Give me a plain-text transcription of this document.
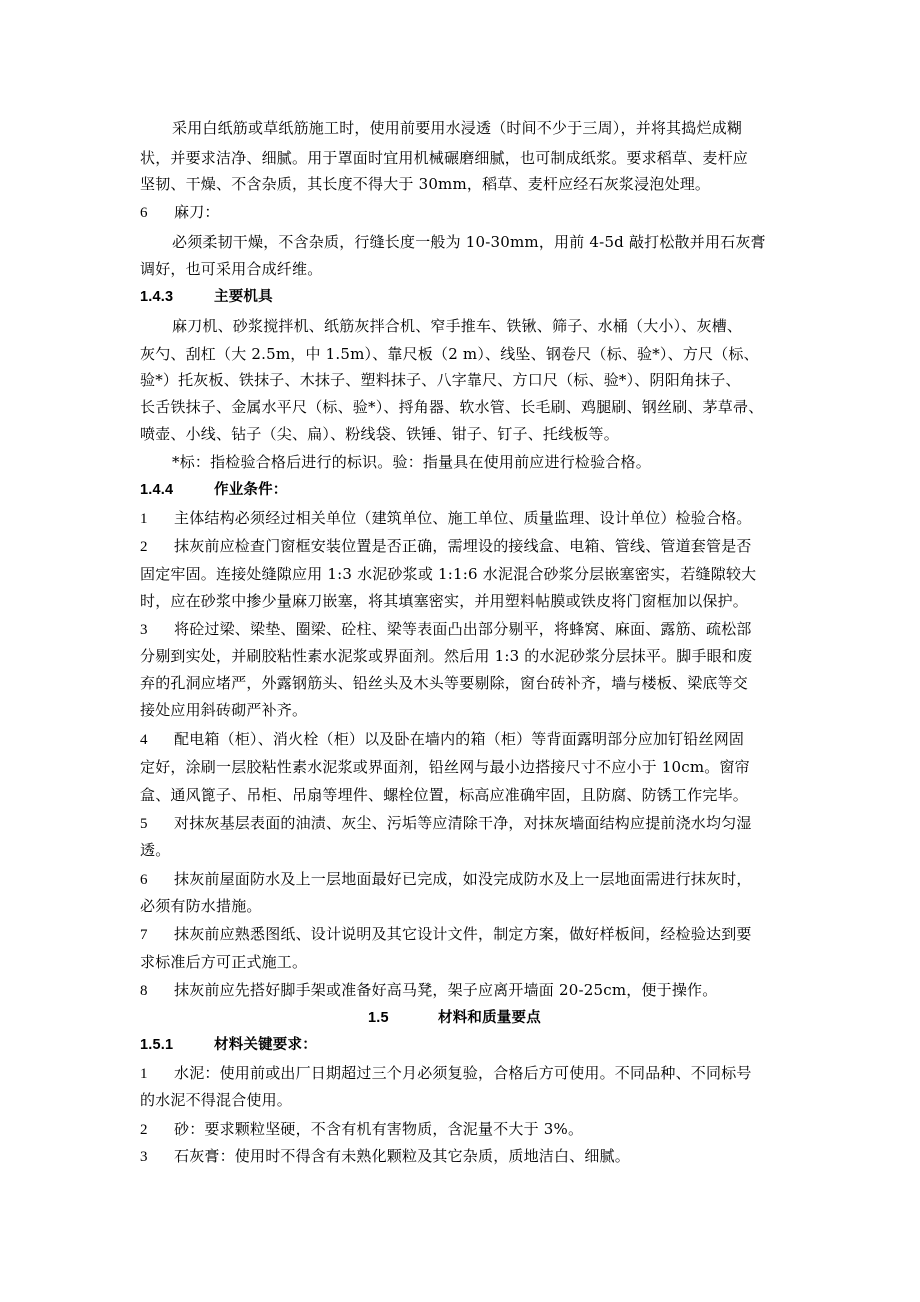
采用白纸筋或草纸筋施工时，使用前要用水浸透（时间不少于三周），并将其捣烂成糊
状，并要求洁净、细腻。用于罩面时宜用机械碾磨细腻，也可制成纸浆。要求稻草、麦杆应
坚韧、干燥、不含杂质，其长度不得大于 30mm，稻草、麦杆应经石灰浆浸泡处理。
6 麻刀：
必须柔韧干燥，不含杂质，行缝长度一般为 10-30mm，用前 4-5d 敲打松散并用石灰膏
调好，也可采用合成纤维。
1.4.3	主要机具
麻刀机、砂浆搅拌机、纸筋灰拌合机、窄手推车、铁锹、筛子、水桶（大小）、灰槽、
灰勺、刮杠（大 2.5m，中 1.5m）、靠尺板（2 m）、线坠、钢卷尺（标、验*）、方尺（标、
验*）托灰板、铁抹子、木抹子、塑料抹子、八字靠尺、方口尺（标、验*）、阴阳角抹子、
长舌铁抹子、金属水平尺（标、验*）、捋角器、软水管、长毛刷、鸡腿刷、钢丝刷、茅草帚、
喷壶、小线、钻子（尖、扁）、粉线袋、铁锤、钳子、钉子、托线板等。
*标：指检验合格后进行的标识。验：指量具在使用前应进行检验合格。
1.4.4	作业条件：
1 主体结构必须经过相关单位（建筑单位、施工单位、质量监理、设计单位）检验合格。
2 抹灰前应检查门窗框安装位置是否正确，需埋设的接线盒、电箱、管线、管道套管是否
固定牢固。连接处缝隙应用 1:3 水泥砂浆或 1:1:6 水泥混合砂浆分层嵌塞密实，若缝隙较大
时，应在砂浆中掺少量麻刀嵌塞，将其填塞密实，并用塑料帖膜或铁皮将门窗框加以保护。
3 将砼过梁、梁垫、圈梁、砼柱、梁等表面凸出部分剔平，将蜂窝、麻面、露筋、疏松部
分剔到实处，并刷胶粘性素水泥浆或界面剂。然后用 1:3 的水泥砂浆分层抹平。脚手眼和废
弃的孔洞应堵严，外露钢筋头、铅丝头及木头等要剔除，窗台砖补齐，墙与楼板、梁底等交
接处应用斜砖砌严补齐。
4 配电箱（柜）、消火栓（柜）以及卧在墙内的箱（柜）等背面露明部分应加钉铅丝网固
定好，涂刷一层胶粘性素水泥浆或界面剂，铅丝网与最小边搭接尺寸不应小于 10cm。窗帘
盒、通风篦子、吊柜、吊扇等埋件、螺栓位置，标高应准确牢固，且防腐、防锈工作完毕。
5 对抹灰基层表面的油渍、灰尘、污垢等应清除干净，对抹灰墙面结构应提前浇水均匀湿
透。
6 抹灰前屋面防水及上一层地面最好已完成，如没完成防水及上一层地面需进行抹灰时，
必须有防水措施。
7 抹灰前应熟悉图纸、设计说明及其它设计文件，制定方案，做好样板间，经检验达到要
求标准后方可正式施工。
8 抹灰前应先搭好脚手架或准备好高马凳，架子应离开墙面 20-25cm，便于操作。
1.5	材料和质量要点
1.5.1	材料关键要求：
1 水泥：使用前或出厂日期超过三个月必须复验，合格后方可使用。不同品种、不同标号
的水泥不得混合使用。
2 砂：要求颗粒坚硬，不含有机有害物质，含泥量不大于 3%。
3 石灰膏：使用时不得含有未熟化颗粒及其它杂质，质地洁白、细腻。
